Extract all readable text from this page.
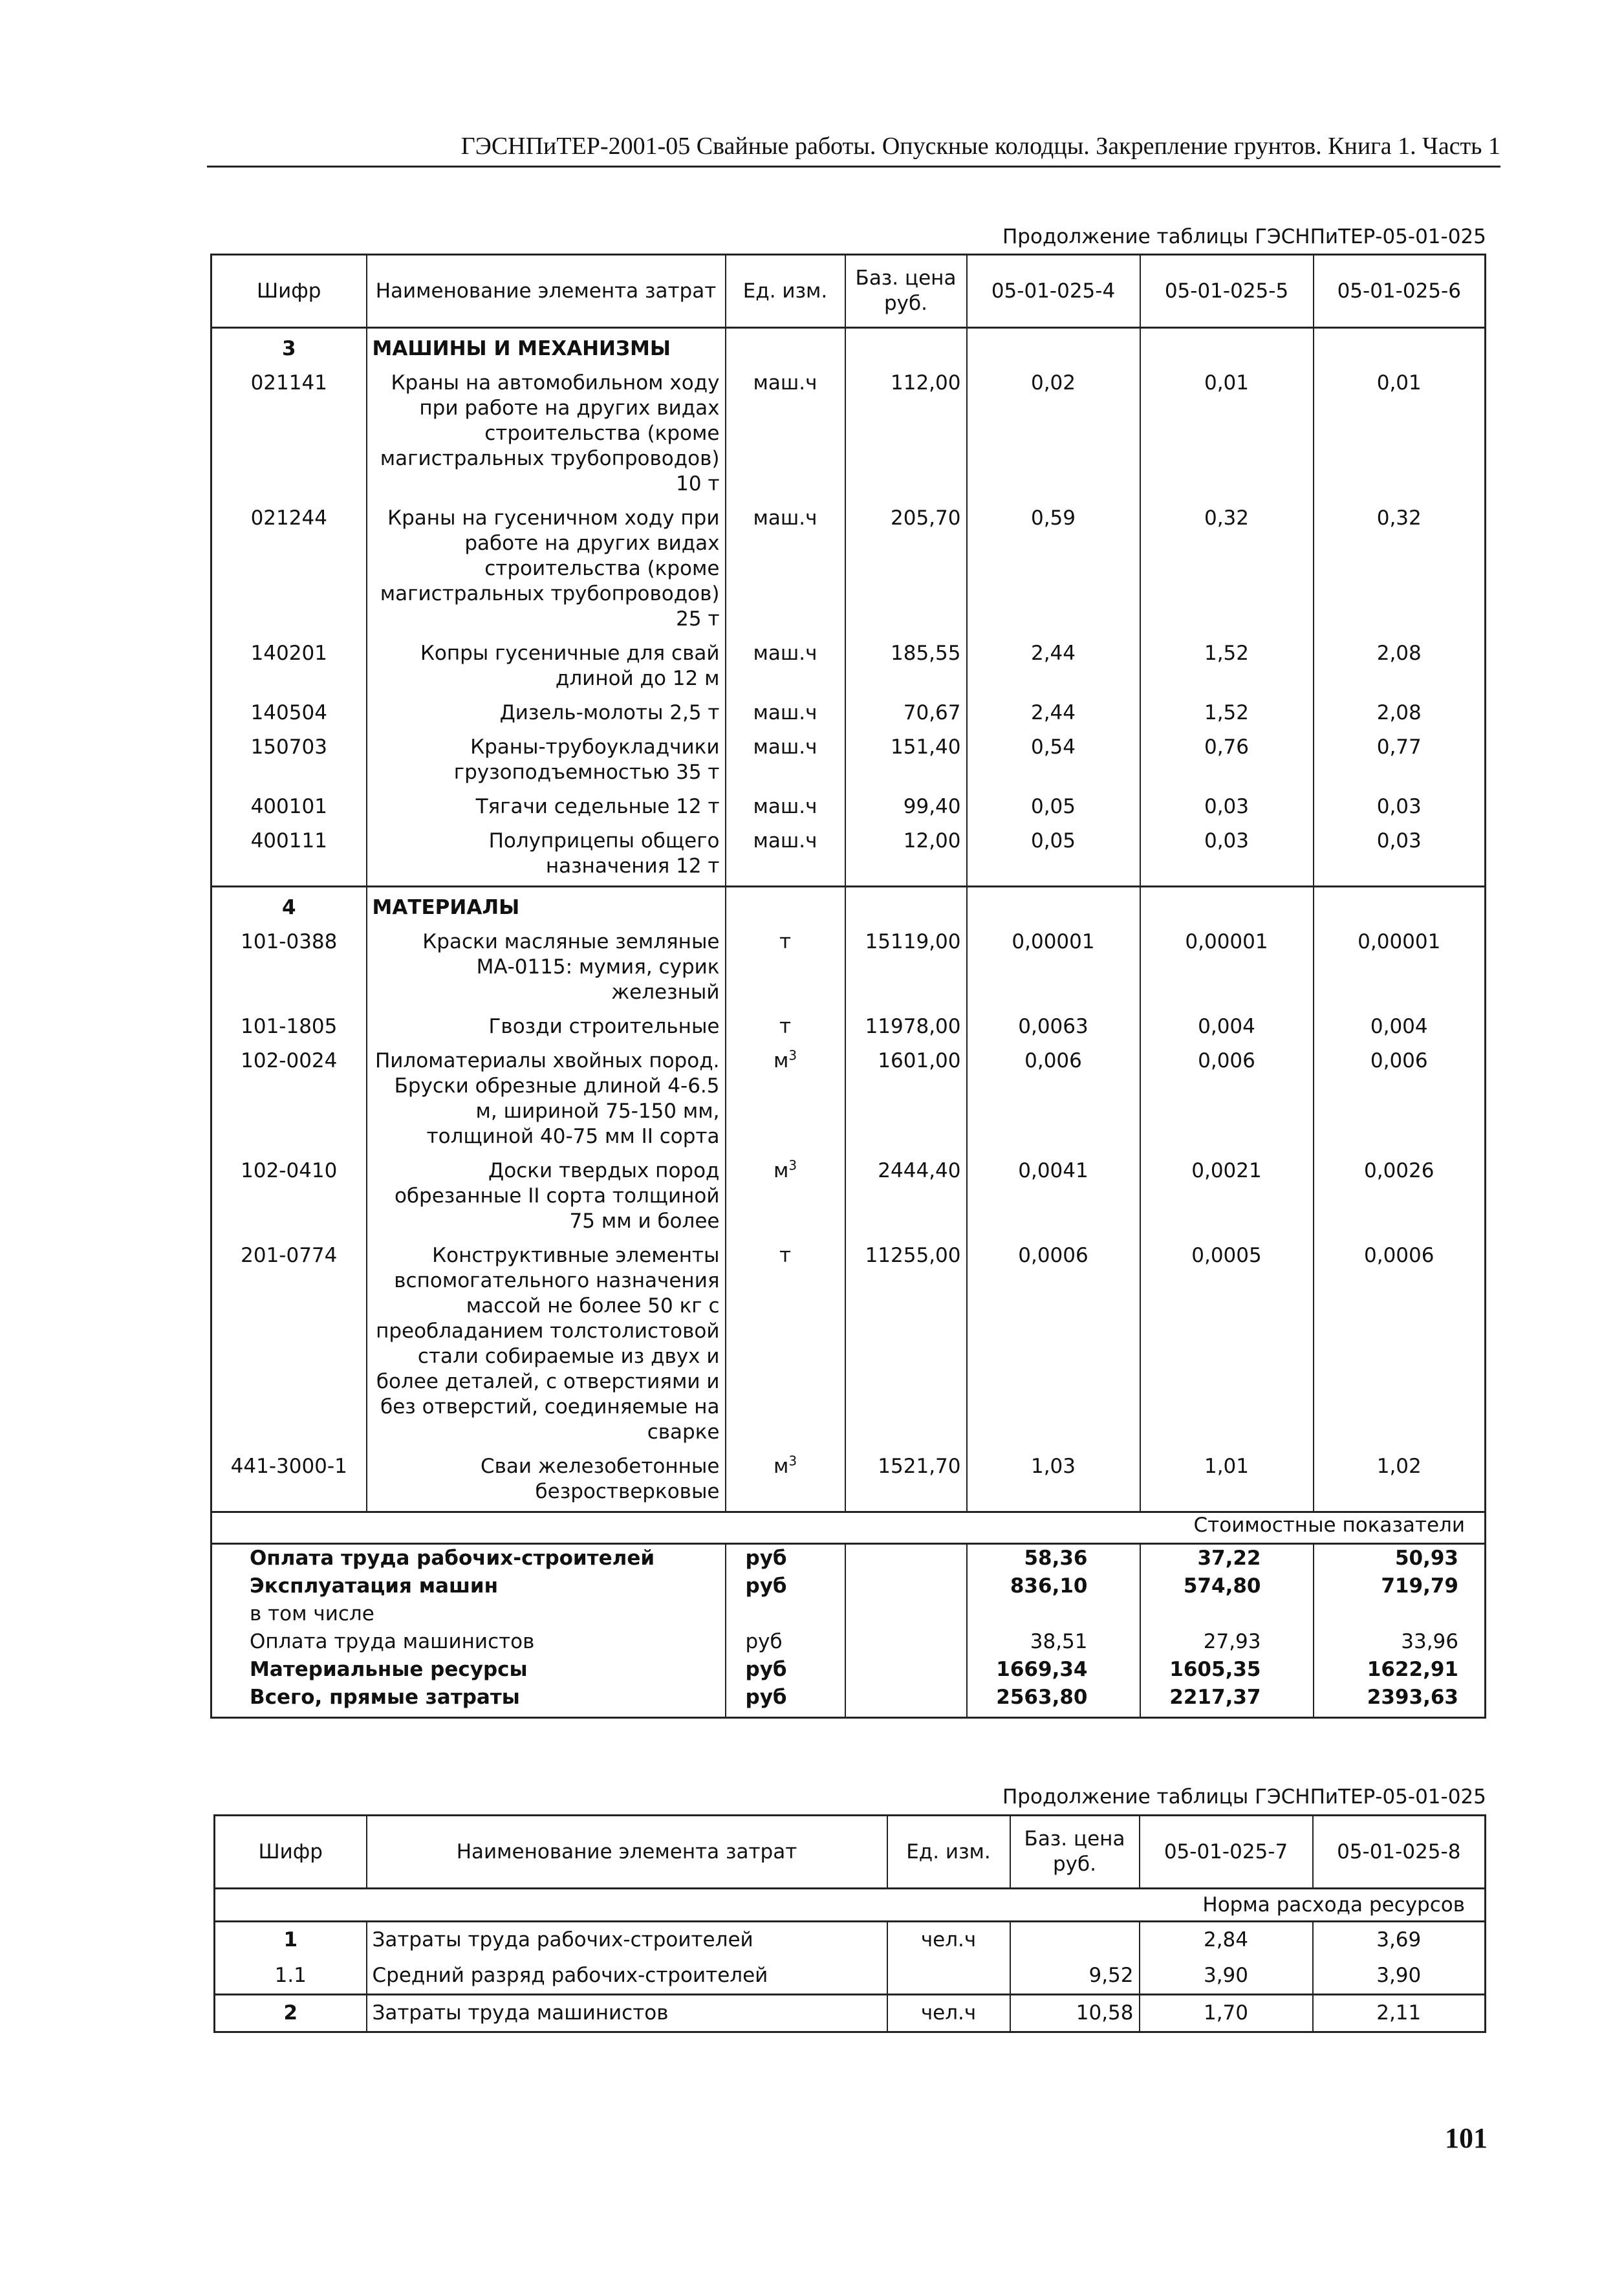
ГЭСНПиТЕР-2001-05 Свайные работы. Опускные колодцы. Закрепление грунтов. Книга 1. Часть 1
Продолжение таблицы ГЭСНПиТЕР-05-01-025
Шифр	Наименование элемента затрат	Ед. изм.	Баз. цена руб.	05-01-025-4	05-01-025-5	05-01-025-6
3	МАШИНЫ И МЕХАНИЗМЫ					
021141	Краны на автомобильном ходу при работе на других видах строительства (кроме магистральных трубопроводов) 10 т	маш.ч	112,00	0,02	0,01	0,01
021244	Краны на гусеничном ходу при работе на других видах строительства (кроме магистральных трубопроводов) 25 т	маш.ч	205,70	0,59	0,32	0,32
140201	Копры гусеничные для свай длиной до 12 м	маш.ч	185,55	2,44	1,52	2,08
140504	Дизель-молоты 2,5 т	маш.ч	70,67	2,44	1,52	2,08
150703	Краны-трубоукладчики грузоподъемностью 35 т	маш.ч	151,40	0,54	0,76	0,77
400101	Тягачи седельные 12 т	маш.ч	99,40	0,05	0,03	0,03
400111	Полуприцепы общего назначения 12 т	маш.ч	12,00	0,05	0,03	0,03
4	МАТЕРИАЛЫ					
101-0388	Краски масляные земляные МА-0115: мумия, сурик железный	т	15119,00	0,00001	0,00001	0,00001
101-1805	Гвозди строительные	т	11978,00	0,0063	0,004	0,004
102-0024	Пиломатериалы хвойных пород. Бруски обрезные длиной 4-6.5 м, шириной 75-150 мм, толщиной 40-75 мм II сорта	$м^3$	1601,00	0,006	0,006	0,006
102-0410	Доски твердых пород обрезанные II сорта толщиной 75 мм и более	$м^3$	2444,40	0,0041	0,0021	0,0026
201-0774	Конструктивные элементы вспомогательного назначения массой не более 50 кг с преобладанием толстолистовой стали собираемые из двух и более деталей, с отверстиями и без отверстий, соединяемые на сварке	т	11255,00	0,0006	0,0005	0,0006
441-3000-1	Сваи железобетонные безростверковые	$м^3$	1521,70	1,03	1,01	1,02
Стоимостные показатели						
Оплата труда рабочих-строителей		руб		58,36	37,22	50,93
Эксплуатация машин		руб		836,10	574,80	719,79
в том числе						
Оплата труда машинистов		руб		38,51	27,93	33,96
Материальные ресурсы		руб		1669,34	1605,35	1622,91
Всего, прямые затраты		руб		2563,80	2217,37	2393,63
Продолжение таблицы ГЭСНПиТЕР-05-01-025
Шифр	Наименование элемента затрат	Ед. изм.	Баз. цена руб.	05-01-025-7	05-01-025-8
Норма расхода ресурсов					
1	Затраты труда рабочих-строителей	чел.ч		2,84	3,69
1.1	Средний разряд рабочих-строителей		9,52	3,90	3,90
2	Затраты труда машинистов	чел.ч	10,58	1,70	2,11
101
